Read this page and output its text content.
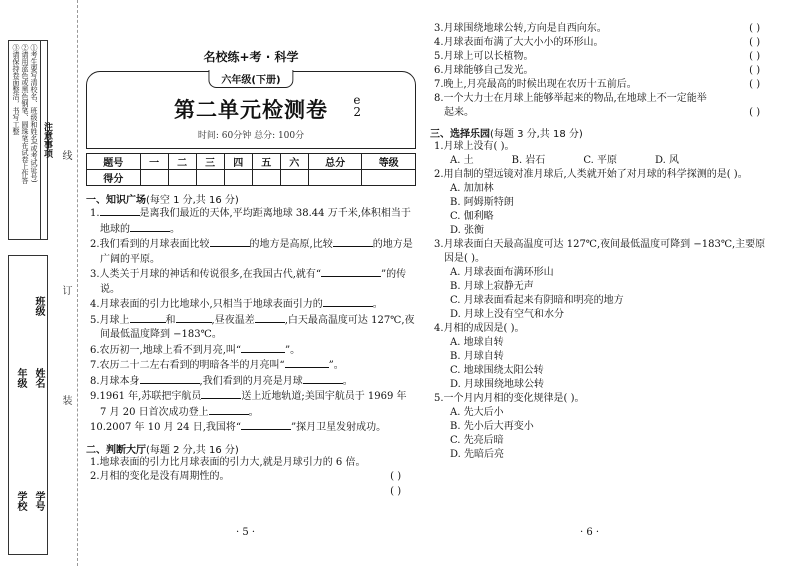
注意事项
①考生要写清校名、班级和姓名(或考试证号)
②请用蓝色或黑色钢笔、圆珠笔在试卷上作答
③请保持卷面整洁，书写工整
年级 姓名
班级
学校 学号
线
订
装
名校练+考 · 科学
六年级(下册)
第二单元检测卷
时间: 60分钟 总分: 100分
e
2
题号	一	二	三	四	五	六	总分	等级
得分								
一、知识广场(每空 1 分,共 16 分)
1.	是离我们最近的天体,平均距离地球 38.44 万千米,体积相当于地球的	。
2.我们看到的月球表面比较	的地方是高原,比较	的地方是广阔的平原。
3.人类关于月球的神话和传说很多,在我国古代,就有“	”的传说。
4.月球表面的引力比地球小,只相当于地球表面引力的	。
5.月球上	和	,昼夜温差	,白天最高温度可达 127℃,夜间最低温度降到 −183℃。
6.农历初一,地球上看不到月亮,叫“	”。
7.农历二十二左右看到的明暗各半的月亮叫“	”。
8.月球本身	,我们看到的月亮是月球	。
9.1961 年,苏联把宇航员	送上近地轨道;美国宇航员于 1969 年 7 月 20 日首次成功登上	。
10.2007 年 10 月 24 日,我国将“	”探月卫星发射成功。
二、判断大厅(每题 2 分,共 16 分)
1.地球表面的引力比月球表面的引力大,就是月球引力的 6 倍。

( )
2.月相的变化是没有周期性的。

( )
· 5 ·
3.月球围绕地球公转,方向是自西向东。	( )
4.月球表面布满了大大小小的环形山。	( )
5.月球上可以长植物。	( )
6.月球能够自己发光。	( )
7.晚上,月亮最高的时候出现在农历十五前后。	( )
8.一个大力士在月球上能够举起来的物品,在地球上不一定能举
起来。	( )
三、选择乐园(每题 3 分,共 18 分)
1.月球上没有( )。
A. 土	B. 岩石	C. 平原	D. 风
2.用自制的望远镜对准月球后,人类就开始了对月球的科学探测的是( )。
A. 加加林
B. 阿姆斯特朗
C. 伽利略
D. 张衡
3.月球表面白天最高温度可达 127℃,夜间最低温度可降到 −183℃,主要原因是( )。
A. 月球表面布满环形山
B. 月球上寂静无声
C. 月球表面看起来有阴暗和明亮的地方
D. 月球上没有空气和水分
4.月相的成因是( )。
A. 地球自转
B. 月球自转
C. 地球围绕太阳公转
D. 月球围绕地球公转
5.一个月内月相的变化规律是( )。
A. 先大后小
B. 先小后大再变小
C. 先亮后暗
D. 先暗后亮
· 6 ·
